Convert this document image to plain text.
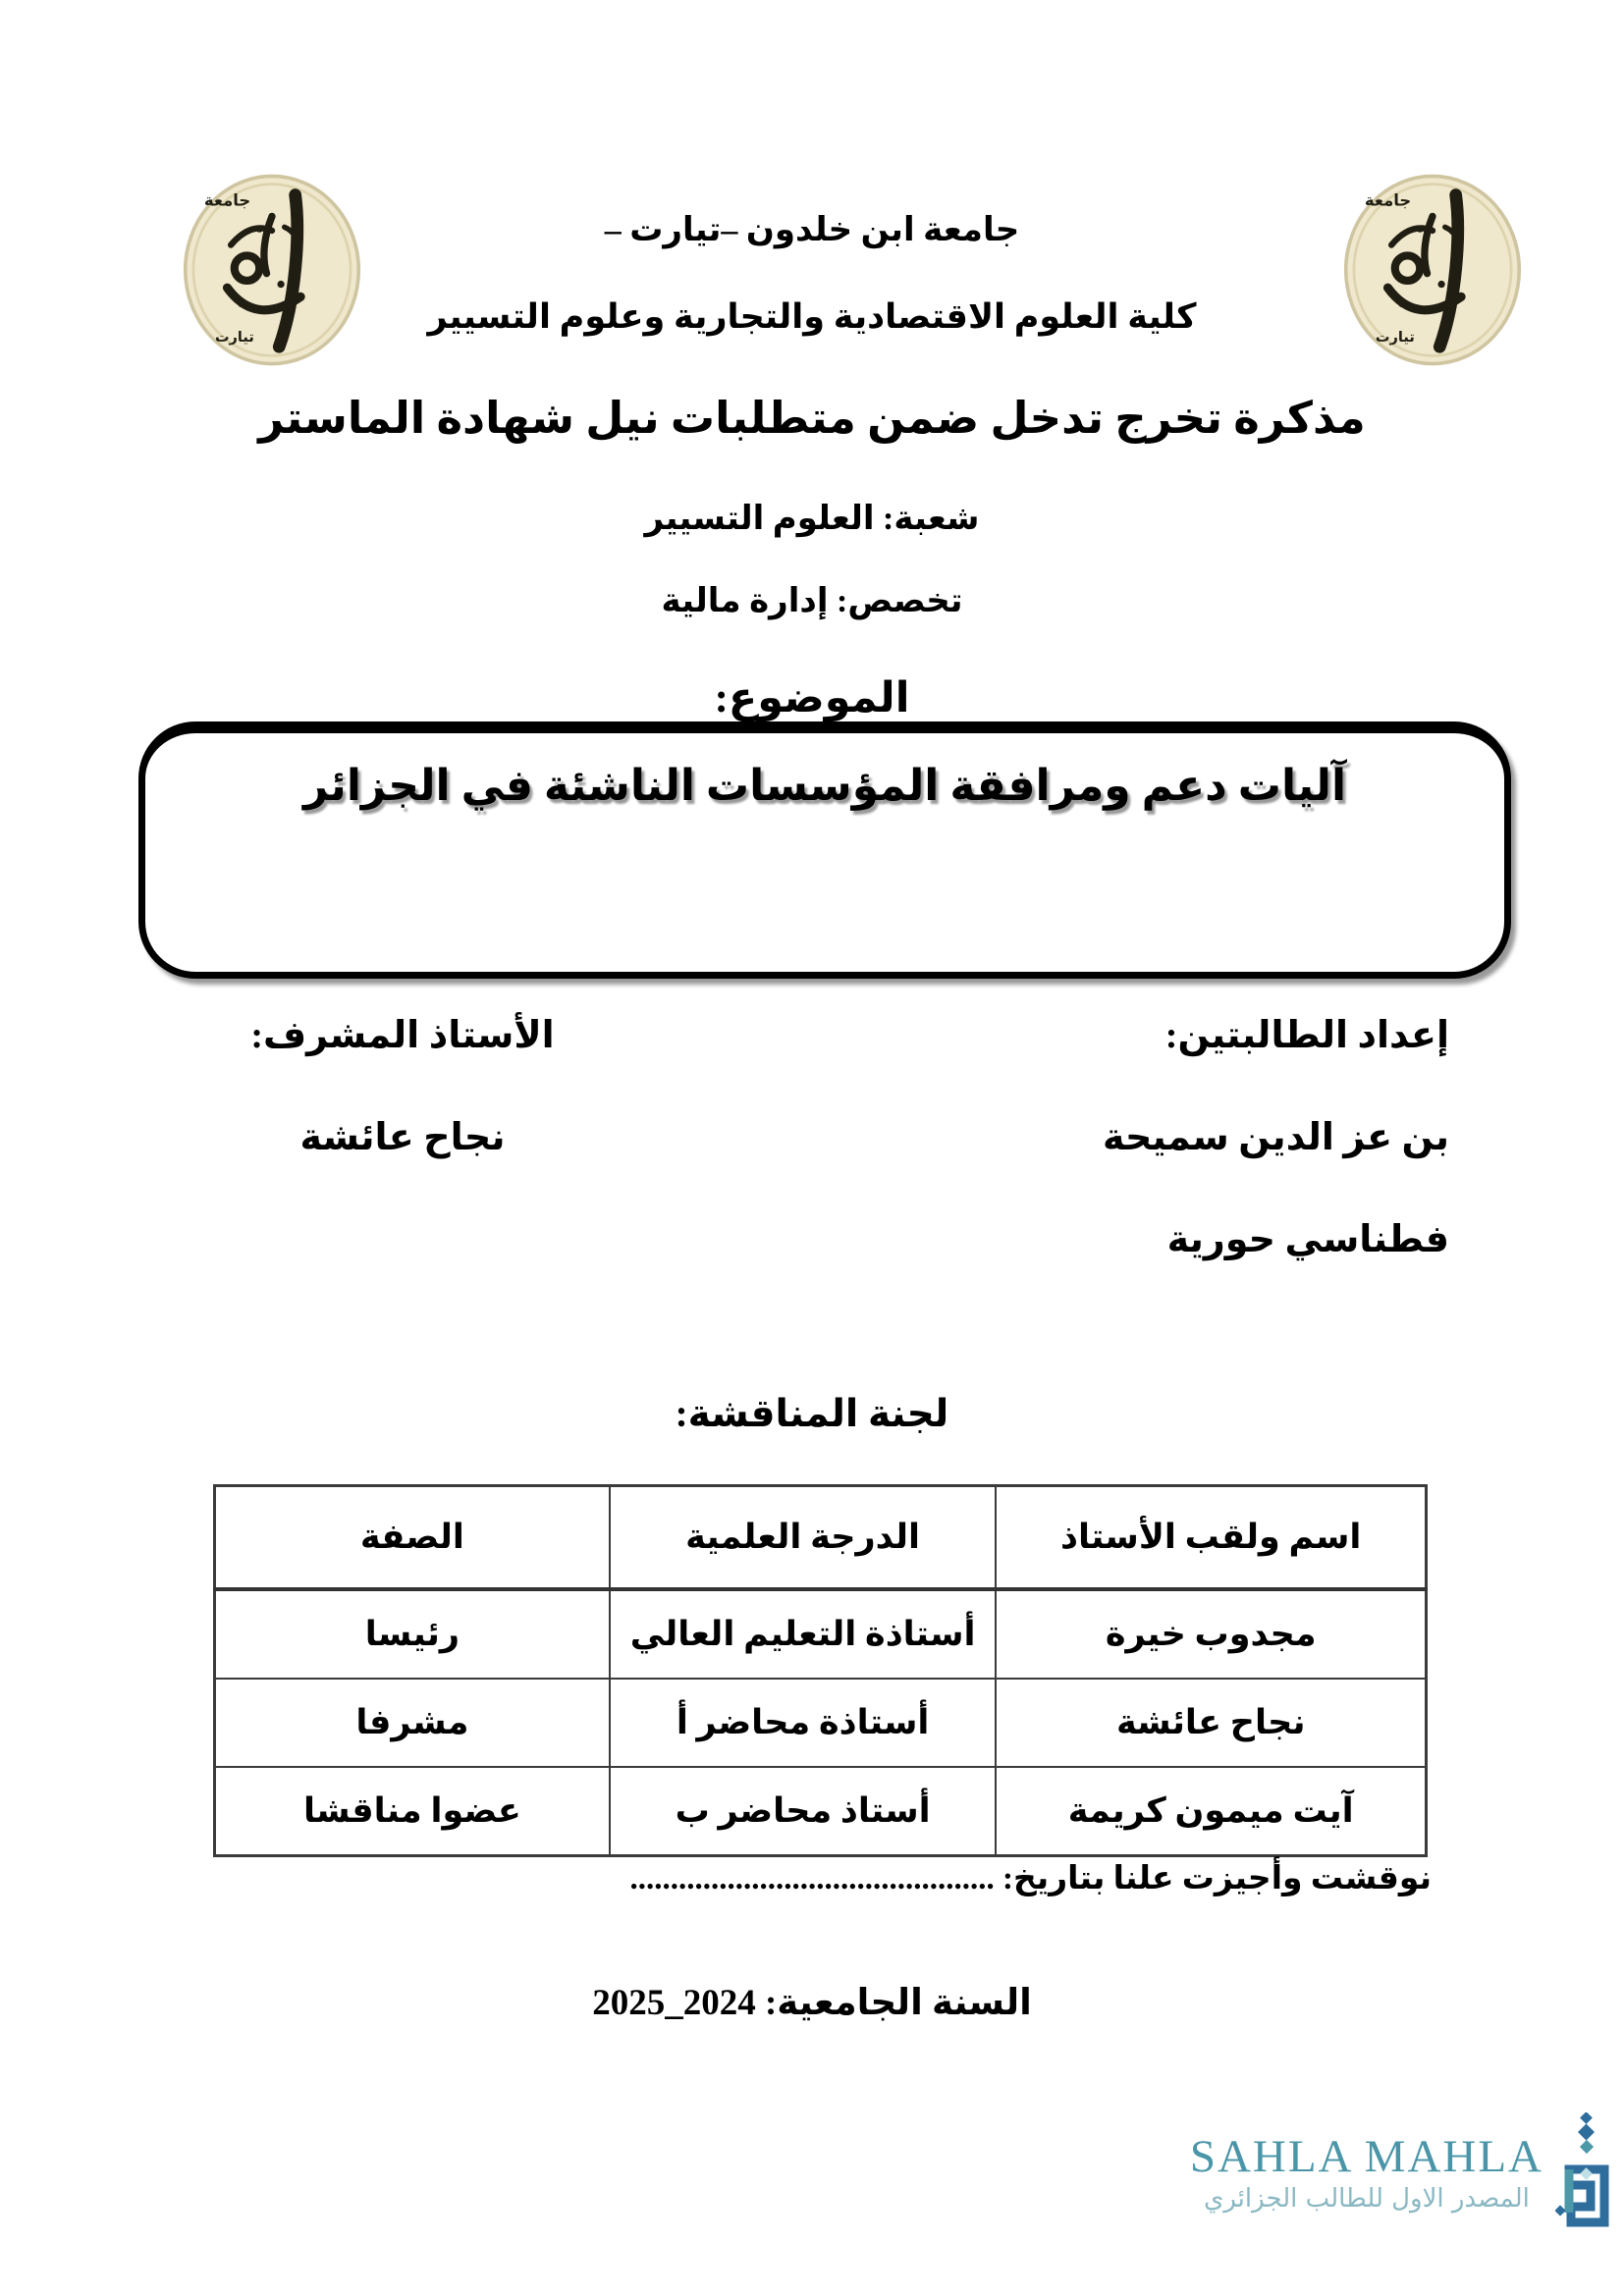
جامعة
تيارت
جامعة
تيارت
جامعة ابن خلدون –تيارت –
كلية العلوم الاقتصادية والتجارية وعلوم التسيير
مذكرة تخرج تدخل ضمن متطلبات نيل شهادة الماستر
شعبة: العلوم التسيير
تخصص: إدارة مالية
الموضوع:
آليات دعم ومرافقة المؤسسات الناشئة في الجزائر
إعداد الطالبتين:
بن عز الدين سميحة
فطناسي حورية
الأستاذ المشرف:
نجاح عائشة
لجنة المناقشة:
اسم ولقب الأستاذ	الدرجة العلمية	الصفة
مجدوب خيرة	أستاذة التعليم العالي	رئيسا
نجاح عائشة	أستاذة محاضر أ	مشرفا
آيت ميمون كريمة	أستاذ محاضر ب	عضوا مناقشا
نوقشت وأجيزت علنا بتاريخ: .............................................
السنة الجامعية: 2024_2025
SAHLA MAHLA
المصدر الاول للطالب الجزائري
